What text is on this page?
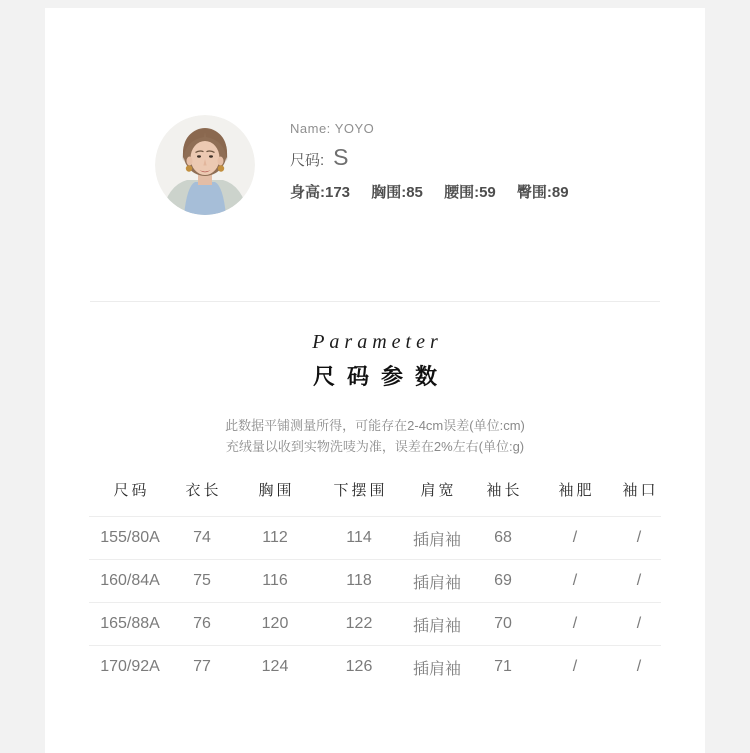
Name: YOYO
尺码: S
身高:173 胸围:85 腰围:59 臀围:89
Parameter
尺码参数
此数据平铺测量所得，可能存在2-4cm误差(单位:cm)
充绒量以收到实物洗唛为准，误差在2%左右(单位:g)
尺码	衣长	胸围	下摆围	肩宽	袖长	袖肥	袖口
155/80A	74	112	114	插肩袖	68	/	/
160/84A	75	116	118	插肩袖	69	/	/
165/88A	76	120	122	插肩袖	70	/	/
170/92A	77	124	126	插肩袖	71	/	/
